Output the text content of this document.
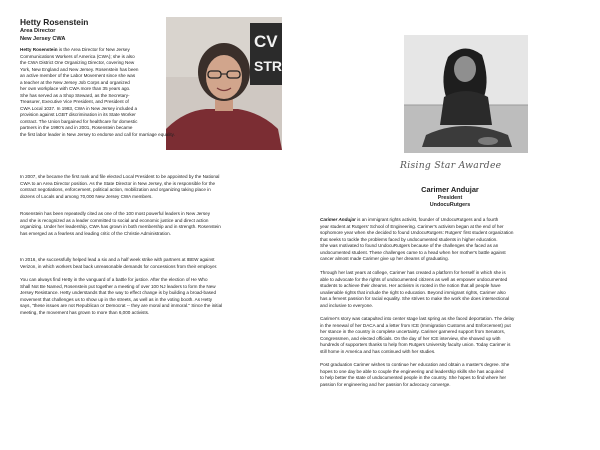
Hetty Rosenstein

Area Director

New Jersey CWA	CV
STR

Hetty Rosenstein is the Area Director for New Jersey

Communications Workers of America (CWA); she is also

the CWA District One Organizing Director, covering New

York, New England and New Jersey. Rosenstein has been

an active member of the Labor Movement since she was

a teacher at the New Jersey Job Corps and organized

her own workplace with CWA more than 35 years ago.

She has served as a Shop Steward, as the Secretary-

Treasurer, Executive Vice President, and President of

CWA Local 1037. In 1983, CWA in New Jersey included a

provision against LGBT discrimination in its State Worker

contract. The Union bargained for healthcare for domestic

partners in the 1990's and in 2001, Rosenstein became

the first labor leader in New Jersey to endorse and call for marriage equality.

In 2007, she became the first rank and file elected Local President to be appointed by the National

CWA to an Area Director position. As the State Director in New Jersey, she is responsible for the

contract negotiations, enforcement, political action, mobilization and organizing taking place in

dozens of Locals and among 70,000 New Jersey CWA members.

Rosenstein has been repeatedly cited as one of the 100 most powerful leaders in New Jersey

and she is recognized as a leader committed to social and economic justice and direct action

organizing. Under her leadership, CWA has grown in both membership and in strength. Rosenstein

has emerged as a fearless and leading critic of the Christie Administration.

In 2016, she successfully helped lead a six and a half week strike with partners at IBEW against

Verizon, in which workers beat back unreasonable demands for concessions from their employer.

You can always find Hetty in the vanguard of a battle for justice. After the election of He Who

Shall Not Be Named, Rosenstein put together a meeting of over 100 NJ leaders to form the New

Jersey Resistance. Hetty understands that the way to effect change is by building a broad-based

movement that challenges us to show up in the streets, as well as in the voting booth. As Hetty

says, "these issues are not Republican or Democrat -- they are moral and immoral." Since the initial

meeting, the movement has grown to more than 6,000 activists.

Rising Star Awardee

Carimer Andujar

President

UndocuRutgers

Carimer Andujar is an immigrant rights activist, founder of UndocuRutgers and a fourth

year student at Rutgers' School of Engineering. Carimer's activism began at the end of her

sophomore year when she decided to found UndocuRutgers: Rutgers' first student organization

that seeks to tackle the problems faced by undocumented students in higher education.

She was motivated to found UndocuRutgers because of the challenges she faced as an

undocumented student. These challenges came to a head when her mother's battle against

cancer almost made Carimer give up her dreams of graduating.

Through her last years at college, Carimer has created a platform for herself in which she is

able to advocate for the rights of undocumented citizens as well as empower undocumented

students to achieve their dreams. Her activism is rooted in the notion that all people have

unalienable rights that include the right to education. Beyond immigrant rights, Carimer also

has a fervent passion for racial equality. She strives to make the work she does intersectional

and inclusive to everyone.

Carimer's story was catapulted into center stage last spring as she faced deportation. The delay

in the renewal of her DACA and a letter from ICE (Immigration Customs and Enforcement) put

her stance in the country in complete uncertainty. Carimer garnered support from Senators,

Congressmen, and elected officials. On the day of her ICE interview, she showed up with

hundreds of supporters thanks to help from Rutgers University faculty union. Today Carimer is

still home in America and has continued with her studies.

Post graduation Carimer wishes to continue her education and obtain a master's degree. She

hopes to one day be able to couple the engineering and leadership skills she has acquired

to help better the state of undocumented people in the country. She hopes to find where her

passion for engineering and her passion for advocacy converge.
